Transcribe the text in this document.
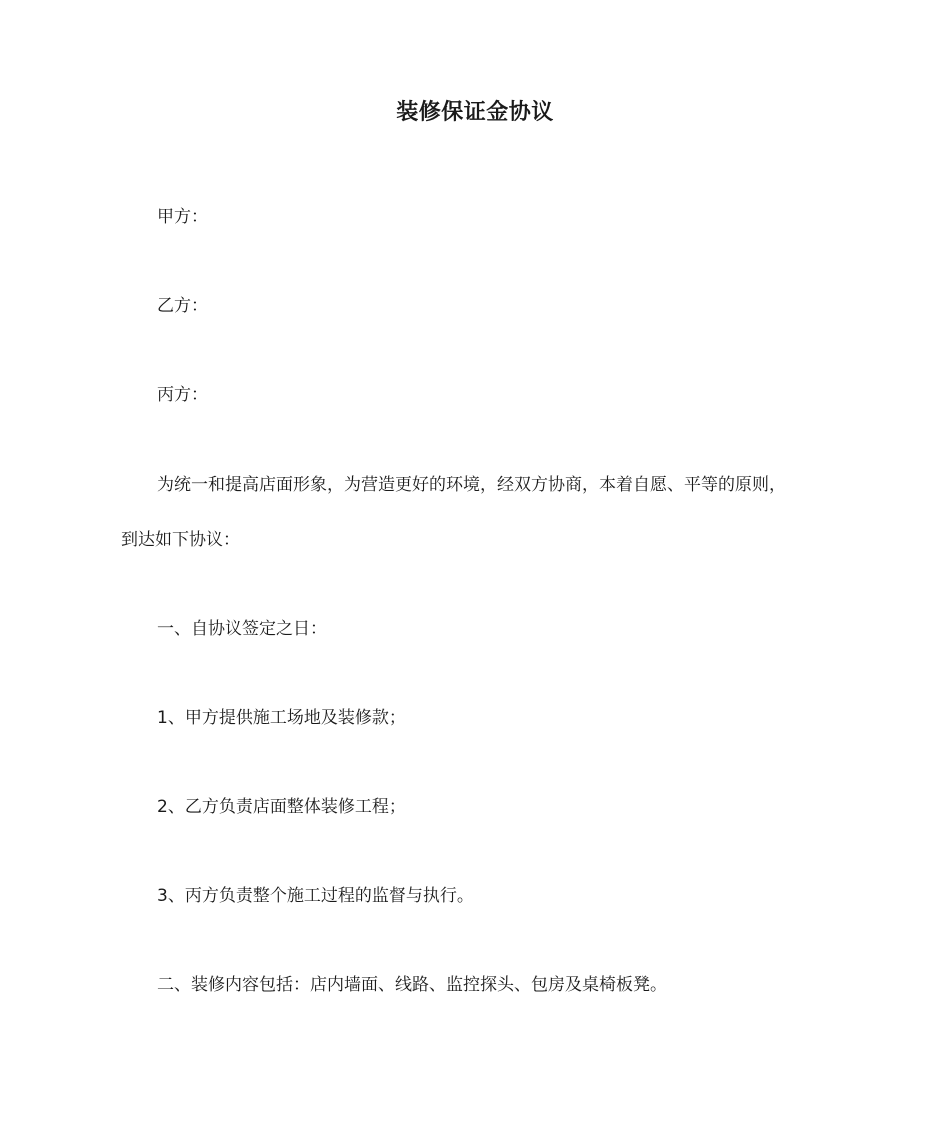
装修保证金协议
甲方：
乙方：
丙方：
为统一和提高店面形象，为营造更好的环境，经双方协商，本着自愿、平等的原则，
到达如下协议：
一、自协议签定之日：
1、甲方提供施工场地及装修款；
2、乙方负责店面整体装修工程；
3、丙方负责整个施工过程的监督与执行。
二、装修内容包括：店内墙面、线路、监控探头、包房及桌椅板凳。
